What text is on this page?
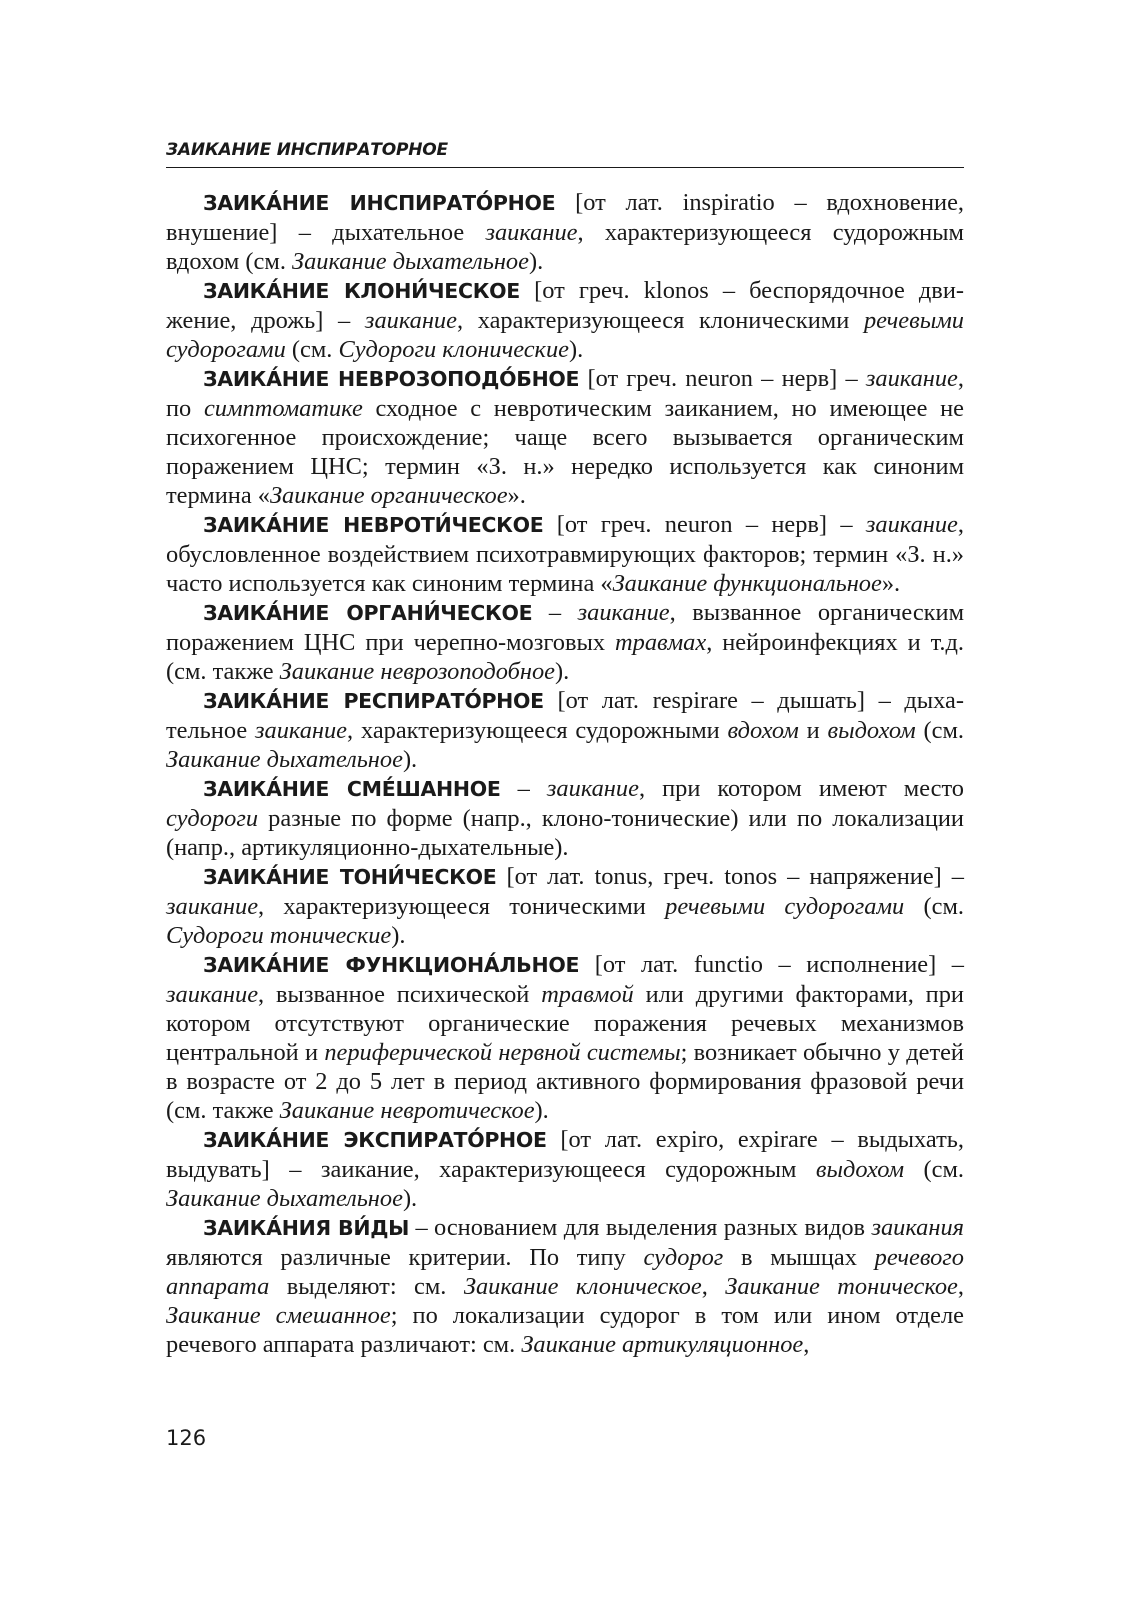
ЗАИКАНИЕ ИНСПИРАТОРНОЕ

ЗАИКА́НИЕ ИНСПИРАТО́РНОЕ [от лат. inspiratio – вдохновение, внушение] – дыхательное заикание, характеризующееся судорожным вдохом (см. Заикание дыхательное).

ЗАИКА́НИЕ КЛОНИ́ЧЕСКОЕ [от греч. klonos – беспорядочное движение, дрожь] – заикание, характеризующееся клоническими речевыми судорогами (см. Судороги клонические).

ЗАИКА́НИЕ НЕВРОЗОПОДО́БНОЕ [от греч. neuron – нерв] – заикание, по симптоматике сходное с невротическим заиканием, но имеющее не психогенное происхождение; чаще всего вызывается органическим поражением ЦНС; термин «З. н.» нередко используется как синоним термина «Заикание органическое».

ЗАИКА́НИЕ НЕВРОТИ́ЧЕСКОЕ [от греч. neuron – нерв] – заикание, обусловленное воздействием психотравмирующих факторов; термин «З. н.» часто используется как синоним термина «Заикание функциональное».

ЗАИКА́НИЕ ОРГАНИ́ЧЕСКОЕ – заикание, вызванное органическим поражением ЦНС при черепно-мозговых травмах, нейроинфекциях и т.д. (см. также Заикание неврозоподобное).

ЗАИКА́НИЕ РЕСПИРАТО́РНОЕ [от лат. respirare – дышать] – дыхательное заикание, характеризующееся судорожными вдохом и выдохом (см. Заикание дыхательное).

ЗАИКА́НИЕ СМЕ́ШАННОЕ – заикание, при котором имеют место судороги разные по форме (напр., клоно-тонические) или по локализации (напр., артикуляционно-дыхательные).

ЗАИКА́НИЕ ТОНИ́ЧЕСКОЕ [от лат. tonus, греч. tonos – напряжение] – заикание, характеризующееся тоническими речевыми судорогами (см. Судороги тонические).

ЗАИКА́НИЕ ФУНКЦИОНА́ЛЬНОЕ [от лат. functio – исполнение] – заикание, вызванное психической травмой или другими факторами, при котором отсутствуют органические поражения речевых механизмов центральной и периферической нервной системы; возникает обычно у детей в возрасте от 2 до 5 лет в период активного формирования фразовой речи (см. также Заикание невротическое).

ЗАИКА́НИЕ ЭКСПИРАТО́РНОЕ [от лат. expiro, expirare – выдыхать, выдувать] – заикание, характеризующееся судорожным выдохом (см. Заикание дыхательное).

ЗАИКА́НИЯ ВИ́ДЫ – основанием для выделения разных видов заикания являются различные критерии. По типу судорог в мышцах речевого аппарата выделяют: см. Заикание клоническое, Заикание тоническое, Заикание смешанное; по локализации судорог в том или ином отделе речевого аппарата различают: см. Заикание артикуляционное,

126
